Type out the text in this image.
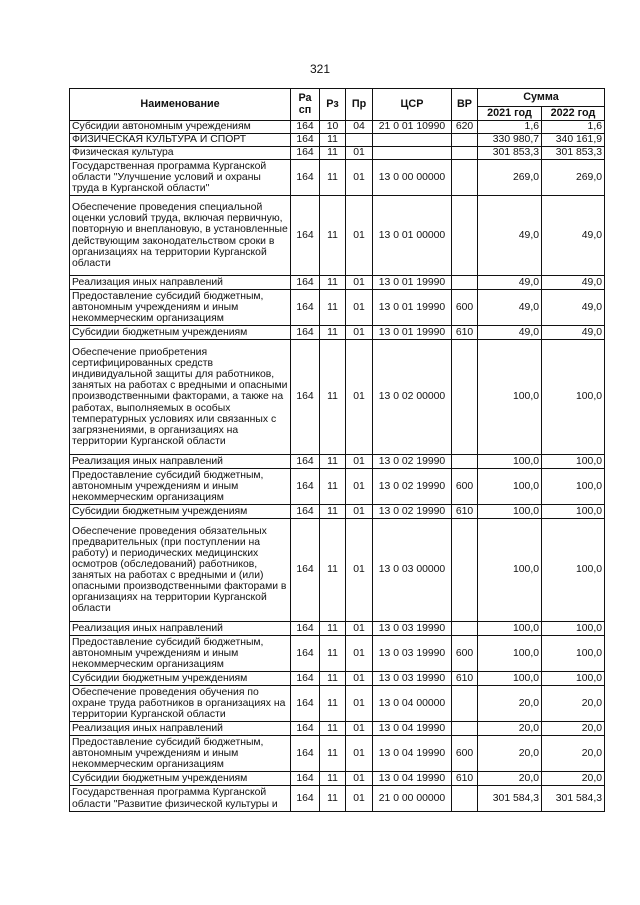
321
Наименование	Ра сп	Рз	Пр	ЦСР	ВР	Сумма	
						2021 год	2022 год
Субсидии автономным учреждениям	164	10	04	21 0 01 10990	620	1,6	1,6
ФИЗИЧЕСКАЯ КУЛЬТУРА И СПОРТ	164	11				330 980,7	340 161,9
Физическая культура	164	11	01			301 853,3	301 853,3
Государственная программа Курганской области "Улучшение условий и охраны труда в Курганской области"	164	11	01	13 0 00 00000		269,0	269,0
Обеспечение проведения специальной оценки условий труда, включая первичную, повторную и внеплановую, в установленные действующим законодательством сроки в организациях на территории Курганской области	164	11	01	13 0 01 00000		49,0	49,0
Реализация иных направлений	164	11	01	13 0 01 19990		49,0	49,0
Предоставление субсидий бюджетным, автономным учреждениям и иным некоммерческим организациям	164	11	01	13 0 01 19990	600	49,0	49,0
Субсидии бюджетным учреждениям	164	11	01	13 0 01 19990	610	49,0	49,0
Обеспечение приобретения сертифицированных средств индивидуальной защиты для работников, занятых на работах с вредными и опасными производственными факторами, а также на работах, выполняемых в особых температурных условиях или связанных с загрязнениями, в организациях на территории Курганской области	164	11	01	13 0 02 00000		100,0	100,0
Реализация иных направлений	164	11	01	13 0 02 19990		100,0	100,0
Предоставление субсидий бюджетным, автономным учреждениям и иным некоммерческим организациям	164	11	01	13 0 02 19990	600	100,0	100,0
Субсидии бюджетным учреждениям	164	11	01	13 0 02 19990	610	100,0	100,0
Обеспечение проведения обязательных предварительных (при поступлении на работу) и периодических медицинских осмотров (обследований) работников, занятых на работах с вредными и (или) опасными производственными факторами в организациях на территории Курганской области	164	11	01	13 0 03 00000		100,0	100,0
Реализация иных направлений	164	11	01	13 0 03 19990		100,0	100,0
Предоставление субсидий бюджетным, автономным учреждениям и иным некоммерческим организациям	164	11	01	13 0 03 19990	600	100,0	100,0
Субсидии бюджетным учреждениям	164	11	01	13 0 03 19990	610	100,0	100,0
Обеспечение проведения обучения по охране труда работников в организациях на территории Курганской области	164	11	01	13 0 04 00000		20,0	20,0
Реализация иных направлений	164	11	01	13 0 04 19990		20,0	20,0
Предоставление субсидий бюджетным, автономным учреждениям и иным некоммерческим организациям	164	11	01	13 0 04 19990	600	20,0	20,0
Субсидии бюджетным учреждениям	164	11	01	13 0 04 19990	610	20,0	20,0
Государственная программа Курганской области "Развитие физической культуры и	164	11	01	21 0 00 00000		301 584,3	301 584,3
